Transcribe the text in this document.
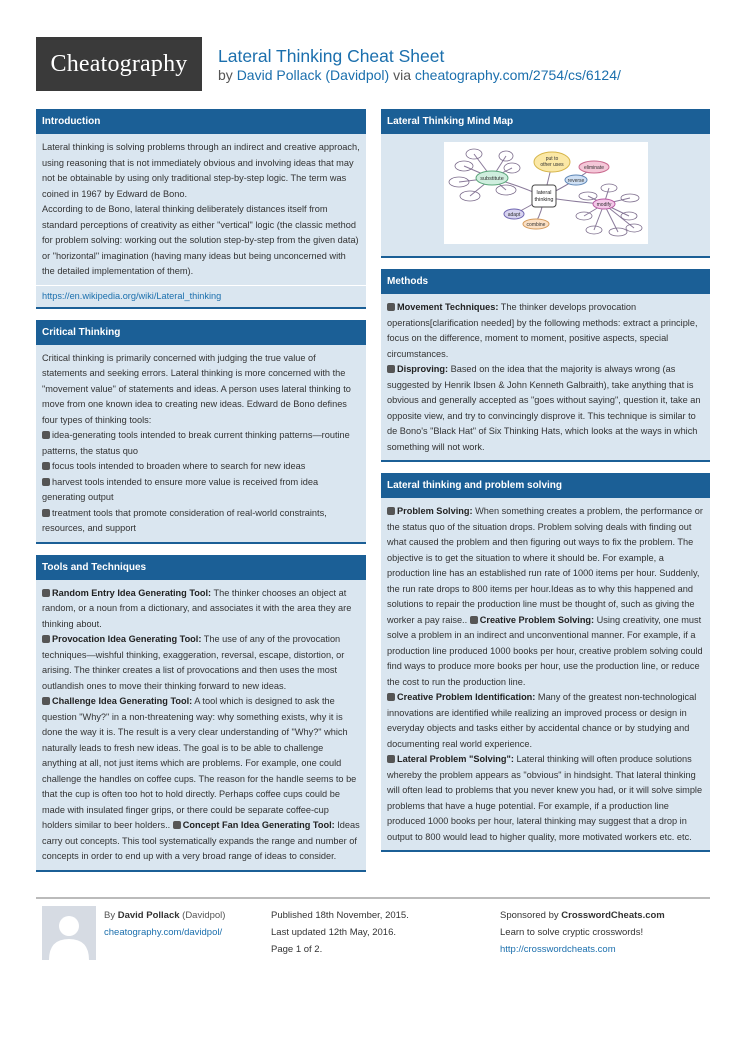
Cheatography	Lateral Thinking Cheat Sheet
by David Pollack (Davidpol) via cheatography.com/2754/cs/6124/
Introduction

Lateral thinking is solving problems through an indirect and creative approach, using reasoning that is not immediately obvious and involving ideas that may not be obtainable by using only traditional step-by-step logic. The term was coined in 1967 by Edward de Bono.

According to de Bono, lateral thinking deliberately distances itself from standard perceptions of creativity as either "vertical" logic (the classic method for problem solving: working out the solution step-by-step from the given data) or "horizontal" imagination (having many ideas but being unconcerned with the detailed implementation of them).

https://en.wikipedia.org/wiki/Lateral_thinking
Critical Thinking

Critical thinking is primarily concerned with judging the true value of statements and seeking errors. Lateral thinking is more concerned with the "movement value" of statements and ideas. A person uses lateral thinking to move from one known idea to creating new ideas. Edward de Bono defines four types of thinking tools:

idea-generating tools intended to break current thinking patterns—routine patterns, the status quo
focus tools intended to broaden where to search for new ideas
harvest tools intended to ensure more value is received from idea generating output
treatment tools that promote consideration of real-world constraints, resources, and support
Tools and Techniques
Random Entry Idea Generating Tool: The thinker chooses an object at random, or a noun from a dictionary, and associates it with the area they are thinking about.
Provocation Idea Generating Tool: The use of any of the provocation techniques—wishful thinking, exaggeration, reversal, escape, distortion, or arising. The thinker creates a list of provocations and then uses the most outlandish ones to move their thinking forward to new ideas.
Challenge Idea Generating Tool: A tool which is designed to ask the question "Why?" in a non-threatening way: why something exists, why it is done the way it is. The result is a very clear understanding of "Why?" which naturally leads to fresh new ideas. The goal is to be able to challenge anything at all, not just items which are problems. For example, one could challenge the handles on coffee cups. The reason for the handle seems to be that the cup is often too hot to hold directly. Perhaps coffee cups could be made with insulated finger grips, or there could be separate coffee-cup holders similar to beer holders.. Concept Fan Idea Generating Tool: Ideas carry out concepts. This tool systematically expands the range and number of concepts in order to end up with a very broad range of ideas to consider.
Lateral Thinking Mind Map
substitute
put to
other uses	eliminate
reverse
adapt
combine
modify
lateral
thinking
Methods
Movement Techniques: The thinker develops provocation operations[clarification needed] by the following methods: extract a principle, focus on the difference, moment to moment, positive aspects, special circumstances.
Disproving: Based on the idea that the majority is always wrong (as suggested by Henrik Ibsen & John Kenneth Galbraith), take anything that is obvious and generally accepted as "goes without saying", question it, take an opposite view, and try to convincingly disprove it. This technique is similar to de Bono's "Black Hat" of Six Thinking Hats, which looks at the ways in which something will not work.
Lateral thinking and problem solving
Problem Solving: When something creates a problem, the performance or the status quo of the situation drops. Problem solving deals with finding out what caused the problem and then figuring out ways to fix the problem. The objective is to get the situation to where it should be. For example, a production line has an established run rate of 1000 items per hour. Suddenly, the run rate drops to 800 items per hour.Ideas as to why this happened and solutions to repair the production line must be thought of, such as giving the worker a pay raise.. Creative Problem Solving: Using creativity, one must solve a problem in an indirect and unconventional manner. For example, if a production line produced 1000 books per hour, creative problem solving could find ways to produce more books per hour, use the production line, or reduce the cost to run the production line.
Creative Problem Identification: Many of the greatest non-technological innovations are identified while realizing an improved process or design in everyday objects and tasks either by accidental chance or by studying and documenting real world experience.
Lateral Problem "Solving": Lateral thinking will often produce solutions whereby the problem appears as "obvious" in hindsight. That lateral thinking will often lead to problems that you never knew you had, or it will solve simple problems that have a huge potential. For example, if a production line produced 1000 books per hour, lateral thinking may suggest that a drop in output to 800 would lead to higher quality, more motivated workers etc. etc.
By David Pollack (Davidpol)
cheatography.com/davidpol/
Published 18th November, 2015.
Last updated 12th May, 2016.
Page 1 of 2.
Sponsored by CrosswordCheats.com
Learn to solve cryptic crosswords!
http://crosswordcheats.com
